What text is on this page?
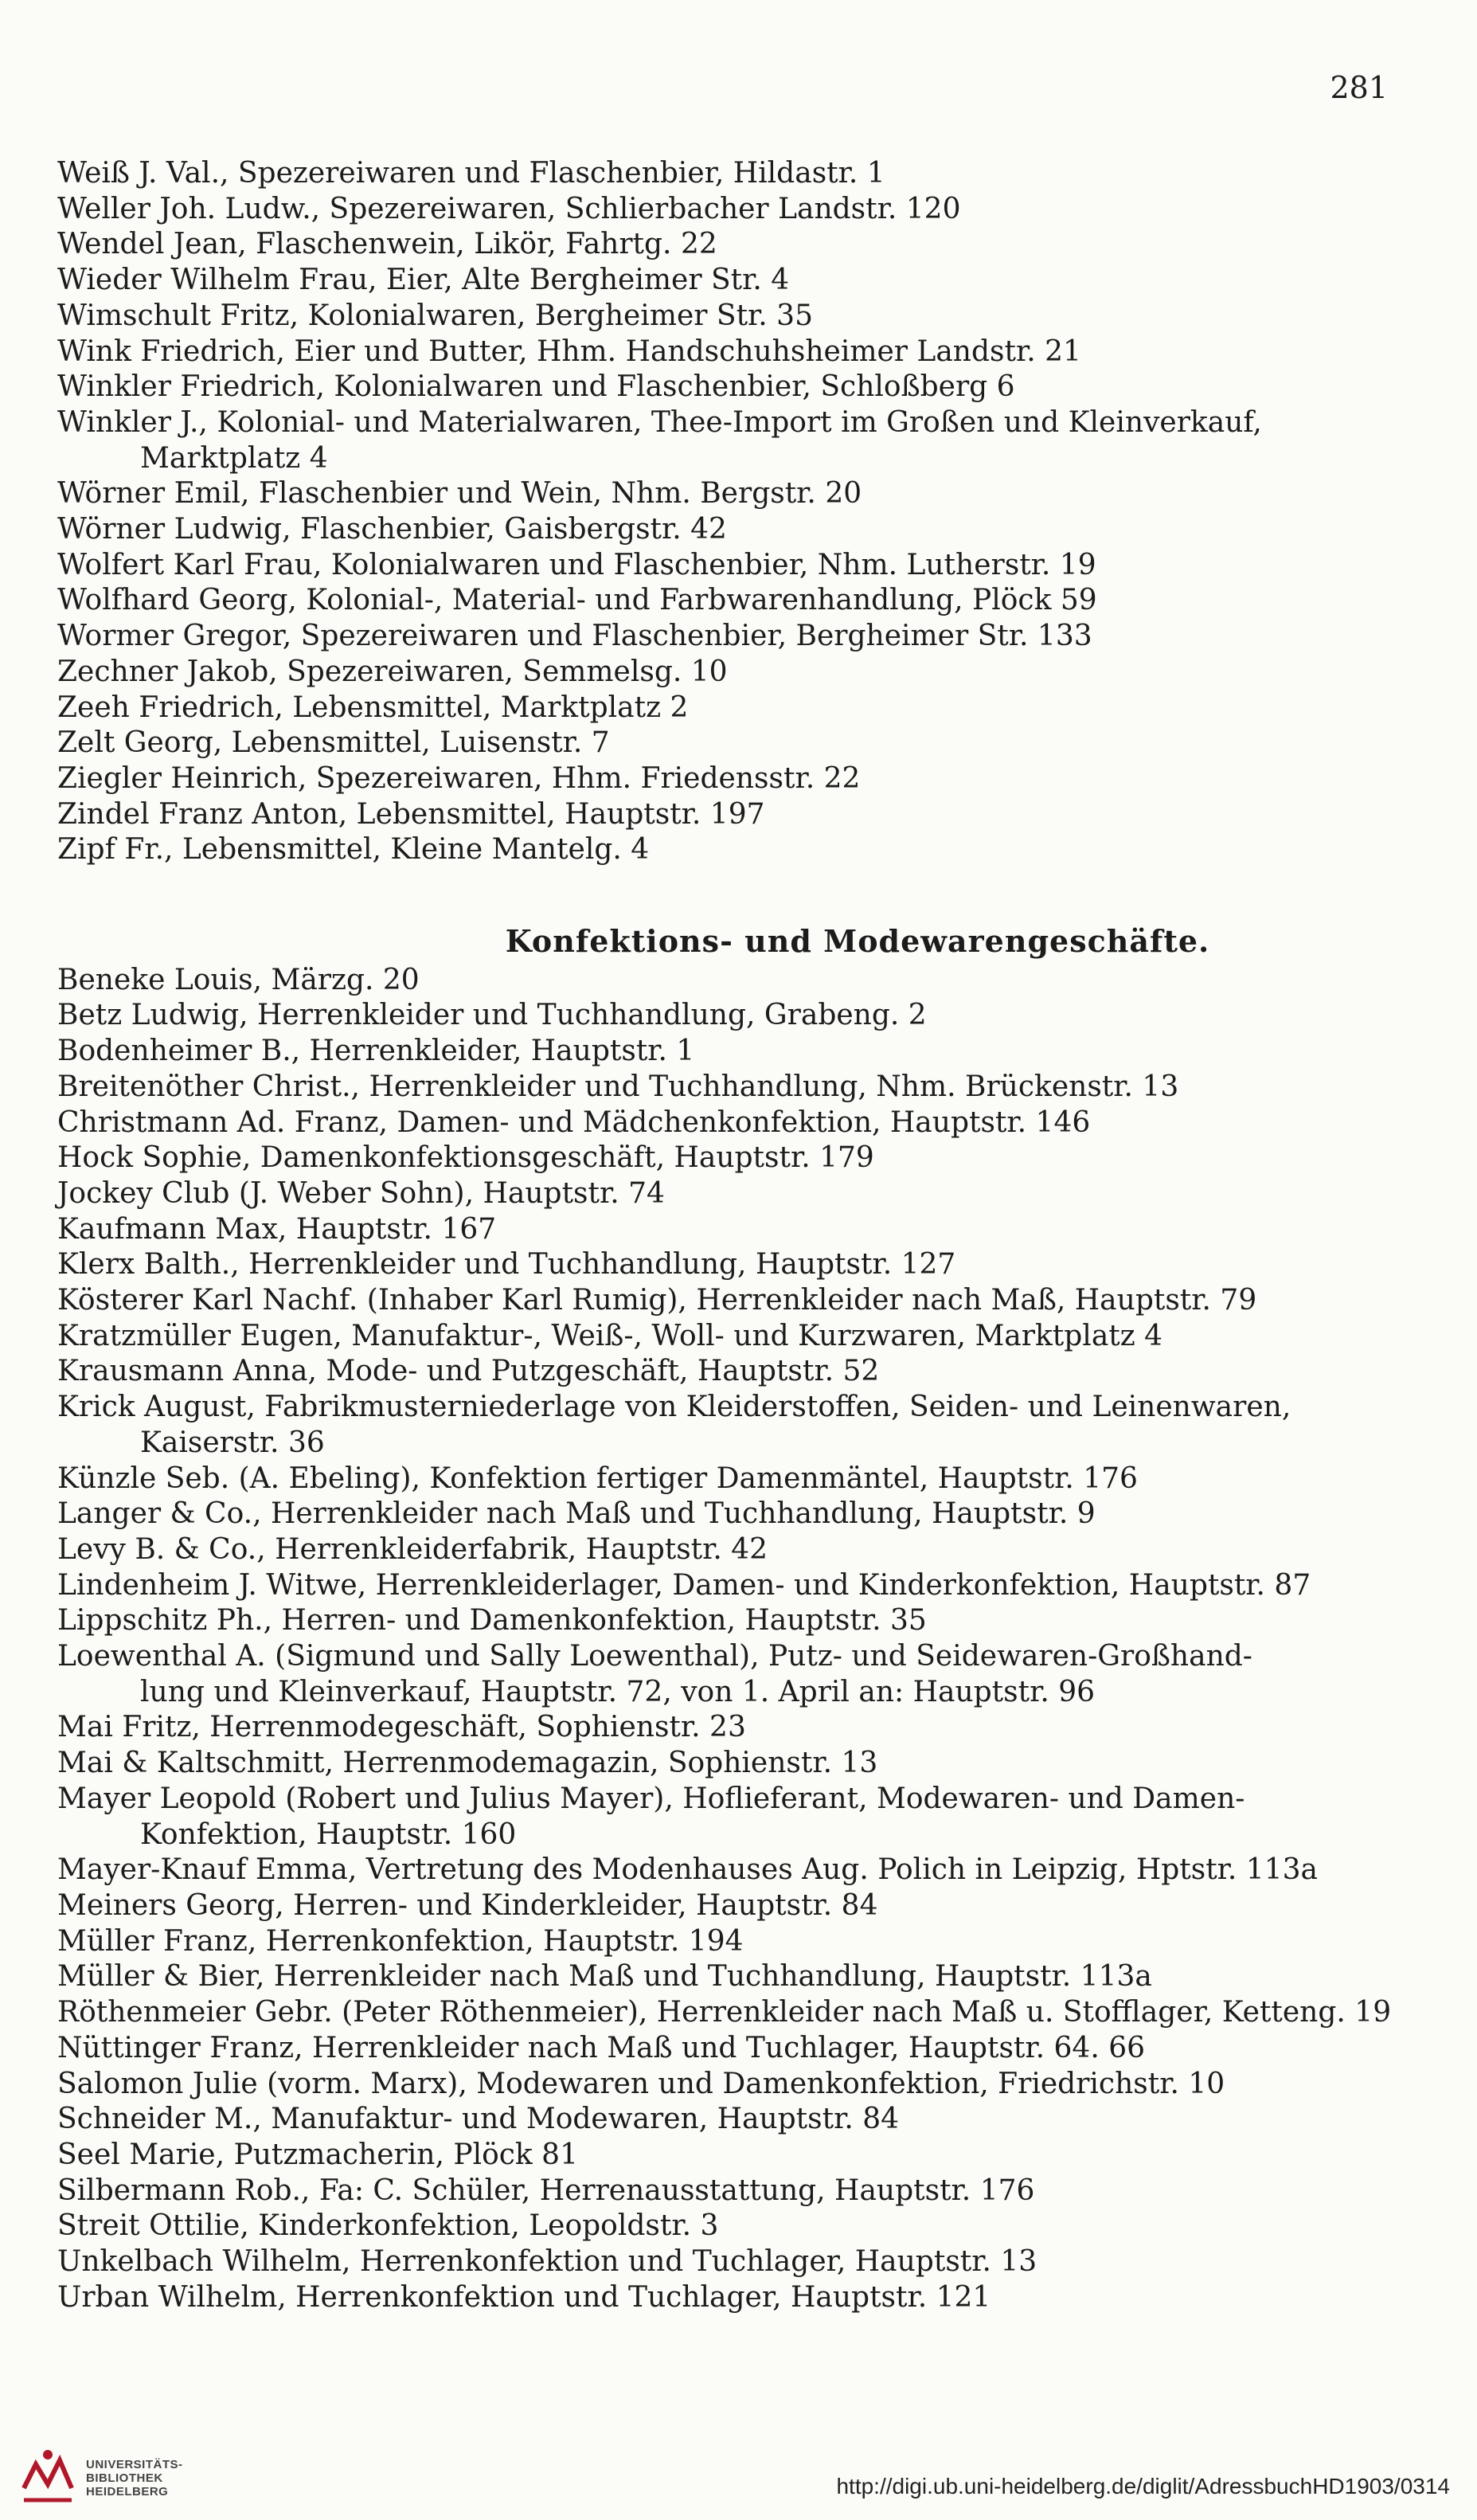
281
Weiß J. Val., Spezereiwaren und Flaschenbier, Hildastr. 1
Weller Joh. Ludw., Spezereiwaren, Schlierbacher Landstr. 120
Wendel Jean, Flaschenwein, Likör, Fahrtg. 22
Wieder Wilhelm Frau, Eier, Alte Bergheimer Str. 4
Wimschult Fritz, Kolonialwaren, Bergheimer Str. 35
Wink Friedrich, Eier und Butter, Hhm. Handschuhsheimer Landstr. 21
Winkler Friedrich, Kolonialwaren und Flaschenbier, Schloßberg 6
Winkler J., Kolonial- und Materialwaren, Thee-Import im Großen und Kleinverkauf,
Marktplatz 4
Wörner Emil, Flaschenbier und Wein, Nhm. Bergstr. 20
Wörner Ludwig, Flaschenbier, Gaisbergstr. 42
Wolfert Karl Frau, Kolonialwaren und Flaschenbier, Nhm. Lutherstr. 19
Wolfhard Georg, Kolonial-, Material- und Farbwarenhandlung, Plöck 59
Wormer Gregor, Spezereiwaren und Flaschenbier, Bergheimer Str. 133
Zechner Jakob, Spezereiwaren, Semmelsg. 10
Zeeh Friedrich, Lebensmittel, Marktplatz 2
Zelt Georg, Lebensmittel, Luisenstr. 7
Ziegler Heinrich, Spezereiwaren, Hhm. Friedensstr. 22
Zindel Franz Anton, Lebensmittel, Hauptstr. 197
Zipf Fr., Lebensmittel, Kleine Mantelg. 4
Konfektions- und Modewarengeschäfte.
Beneke Louis, Märzg. 20
Betz Ludwig, Herrenkleider und Tuchhandlung, Grabeng. 2
Bodenheimer B., Herrenkleider, Hauptstr. 1
Breitenöther Christ., Herrenkleider und Tuchhandlung, Nhm. Brückenstr. 13
Christmann Ad. Franz, Damen- und Mädchenkonfektion, Hauptstr. 146
Hock Sophie, Damenkonfektionsgeschäft, Hauptstr. 179
Jockey Club (J. Weber Sohn), Hauptstr. 74
Kaufmann Max, Hauptstr. 167
Klerx Balth., Herrenkleider und Tuchhandlung, Hauptstr. 127
Kösterer Karl Nachf. (Inhaber Karl Rumig), Herrenkleider nach Maß, Hauptstr. 79
Kratzmüller Eugen, Manufaktur-, Weiß-, Woll- und Kurzwaren, Marktplatz 4
Krausmann Anna, Mode- und Putzgeschäft, Hauptstr. 52
Krick August, Fabrikmusterniederlage von Kleiderstoffen, Seiden- und Leinenwaren,
Kaiserstr. 36
Künzle Seb. (A. Ebeling), Konfektion fertiger Damenmäntel, Hauptstr. 176
Langer & Co., Herrenkleider nach Maß und Tuchhandlung, Hauptstr. 9
Levy B. & Co., Herrenkleiderfabrik, Hauptstr. 42
Lindenheim J. Witwe, Herrenkleiderlager, Damen- und Kinderkonfektion, Hauptstr. 87
Lippschitz Ph., Herren- und Damenkonfektion, Hauptstr. 35
Loewenthal A. (Sigmund und Sally Loewenthal), Putz- und Seidewaren-Großhand-
lung und Kleinverkauf, Hauptstr. 72, von 1. April an: Hauptstr. 96
Mai Fritz, Herrenmodegeschäft, Sophienstr. 23
Mai & Kaltschmitt, Herrenmodemagazin, Sophienstr. 13
Mayer Leopold (Robert und Julius Mayer), Hoflieferant, Modewaren- und Damen-
Konfektion, Hauptstr. 160
Mayer-Knauf Emma, Vertretung des Modenhauses Aug. Polich in Leipzig, Hptstr. 113a
Meiners Georg, Herren- und Kinderkleider, Hauptstr. 84
Müller Franz, Herrenkonfektion, Hauptstr. 194
Müller & Bier, Herrenkleider nach Maß und Tuchhandlung, Hauptstr. 113a
Röthenmeier Gebr. (Peter Röthenmeier), Herrenkleider nach Maß u. Stofflager, Ketteng. 19
Nüttinger Franz, Herrenkleider nach Maß und Tuchlager, Hauptstr. 64. 66
Salomon Julie (vorm. Marx), Modewaren und Damenkonfektion, Friedrichstr. 10
Schneider M., Manufaktur- und Modewaren, Hauptstr. 84
Seel Marie, Putzmacherin, Plöck 81
Silbermann Rob., Fa: C. Schüler, Herrenausstattung, Hauptstr. 176
Streit Ottilie, Kinderkonfektion, Leopoldstr. 3
Unkelbach Wilhelm, Herrenkonfektion und Tuchlager, Hauptstr. 13
Urban Wilhelm, Herrenkonfektion und Tuchlager, Hauptstr. 121
UNIVERSITÄTS-
BIBLIOTHEK
HEIDELBERG	http://digi.ub.uni-heidelberg.de/diglit/AdressbuchHD1903/0314
